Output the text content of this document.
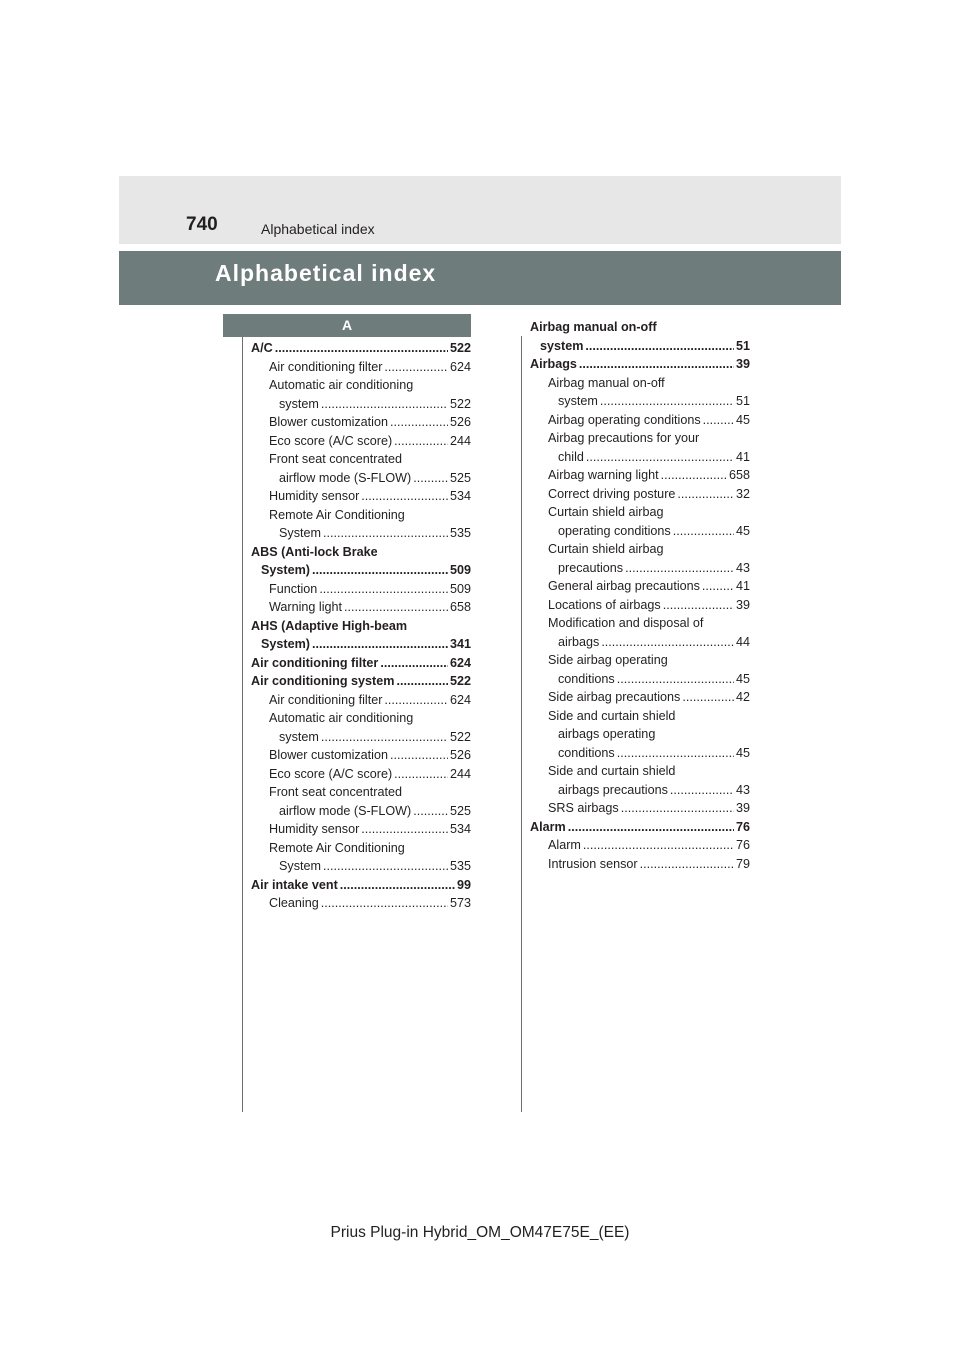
740	Alphabetical index
Alphabetical index
A
A/C .....	522
Air conditioning filter .....	624
Automatic air conditioning
system .....	522
Blower customization .....	526
Eco score (A/C score) .....	244
Front seat concentrated
airflow mode (S-FLOW) .....	525
Humidity sensor .....	534
Remote Air Conditioning
System .....	535
ABS (Anti-lock Brake
System) .....	509
Function .....	509
Warning light .....	658
AHS (Adaptive High-beam
System) .....	341
Air conditioning filter .....	624
Air conditioning system .....	522
Air conditioning filter .....	624
Automatic air conditioning
system .....	522
Blower customization .....	526
Eco score (A/C score) .....	244
Front seat concentrated
airflow mode (S-FLOW) .....	525
Humidity sensor .....	534
Remote Air Conditioning
System .....	535
Air intake vent .....	99
Cleaning .....	573
Airbag manual on-off
system .....	51
Airbags .....	39
Airbag manual on-off
system .....	51
Airbag operating conditions .....	45
Airbag precautions for your
child .....	41
Airbag warning light .....	658
Correct driving posture .....	32
Curtain shield airbag
operating conditions .....	45
Curtain shield airbag
precautions .....	43
General airbag precautions .....	41
Locations of airbags .....	39
Modification and disposal of
airbags .....	44
Side airbag operating
conditions .....	45
Side airbag precautions .....	42
Side and curtain shield
airbags operating
conditions .....	45
Side and curtain shield
airbags precautions .....	43
SRS airbags .....	39
Alarm .....	76
Alarm .....	76
Intrusion sensor .....	79
Prius Plug-in Hybrid_OM_OM47E75E_(EE)
